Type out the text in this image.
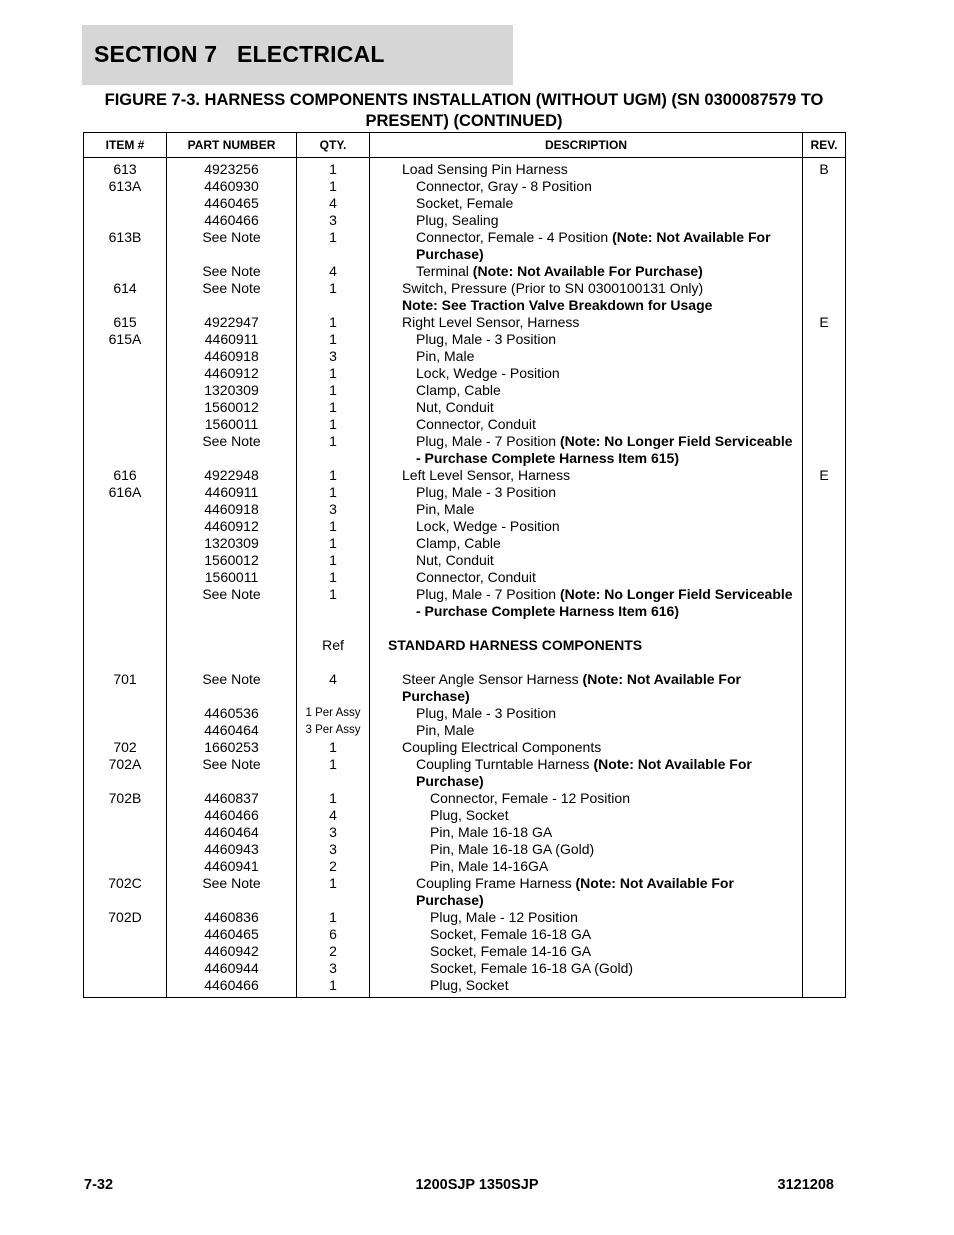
SECTION 7   ELECTRICAL
FIGURE 7-3. HARNESS COMPONENTS INSTALLATION (WITHOUT UGM) (SN 0300087579 TO PRESENT) (CONTINUED)
ITEM #	PART NUMBER	QTY.	DESCRIPTION	REV.
613	4923256	1	Load Sensing Pin Harness	B
613A	4460930	1	Connector, Gray - 8 Position	
	4460465	4	Socket, Female	
	4460466	3	Plug, Sealing	
613B	See Note	1	Connector, Female - 4 Position (Note: Not Available For Purchase)	
	See Note	4	Terminal (Note: Not Available For Purchase)	
614	See Note	1	Switch, Pressure (Prior to SN 0300100131 Only)	
			Note: See Traction Valve Breakdown for Usage	
615	4922947	1	Right Level Sensor, Harness	E
615A	4460911	1	Plug, Male - 3 Position	
	4460918	3	Pin, Male	
	4460912	1	Lock, Wedge - Position	
	1320309	1	Clamp, Cable	
	1560012	1	Nut, Conduit	
	1560011	1	Connector, Conduit	
	See Note	1	Plug, Male - 7 Position (Note: No Longer Field Serviceable - Purchase Complete Harness Item 615)	
616	4922948	1	Left Level Sensor, Harness	E
616A	4460911	1	Plug, Male - 3 Position	
	4460918	3	Pin, Male	
	4460912	1	Lock, Wedge - Position	
	1320309	1	Clamp, Cable	
	1560012	1	Nut, Conduit	
	1560011	1	Connector, Conduit	
	See Note	1	Plug, Male - 7 Position (Note: No Longer Field Serviceable - Purchase Complete Harness Item 616)	

		Ref	STANDARD HARNESS COMPONENTS	

701	See Note	4	Steer Angle Sensor Harness (Note: Not Available For Purchase)	
	4460536	1 Per Assy	Plug, Male - 3 Position	
	4460464	3 Per Assy	Pin, Male	
702	1660253	1	Coupling Electrical Components	
702A	See Note	1	Coupling Turntable Harness (Note: Not Available For Purchase)	
702B	4460837	1	Connector, Female - 12 Position	
	4460466	4	Plug, Socket	
	4460464	3	Pin, Male 16-18 GA	
	4460943	3	Pin, Male 16-18 GA (Gold)	
	4460941	2	Pin, Male 14-16GA	
702C	See Note	1	Coupling Frame Harness (Note: Not Available For Purchase)	
702D	4460836	1	Plug, Male - 12 Position	
	4460465	6	Socket, Female 16-18 GA	
	4460942	2	Socket, Female 14-16 GA	
	4460944	3	Socket, Female 16-18 GA (Gold)	
	4460466	1	Plug, Socket	
7-32	1200SJP 1350SJP	3121208
